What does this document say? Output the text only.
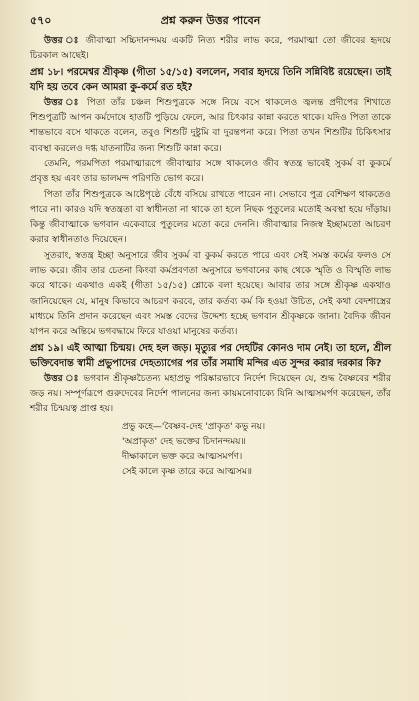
৫৭০	প্রশ্ন করুন উত্তর পাবেন

উত্তর ঃ জীবাত্মা সচ্চিদানন্দময় একটি নিত্য শরীর লাভ করে, পরমাত্মা তো জীবের হৃদয়ে চিরকাল আছেই।

প্রশ্ন ১৮। পরমেশ্বর শ্রীকৃষ্ণ (গীতা ১৫/১৫) বললেন, সবার হৃদয়ে তিনি সন্নিবিষ্ট রয়েছেন। তাই যদি হয় তবে কেন আমরা কু-কর্মে রত হই?

উত্তর ঃ পিতা তাঁর চঞ্চল শিশুপুত্রকে সঙ্গে নিয়ে বসে থাকলেও জ্বলন্ত প্রদীপের শিখাতে শিশুপুত্রটি আপন কর্মদোষে হাতটি পুড়িয়ে ফেলে, আর চিৎকার কান্না করতে থাকে। যদিও পিতা তাকে শান্তভাবে বসে থাকতে বলেন, তবুও শিশুটি দুষ্টুমি বা দুরন্তপনা করে। পিতা তখন শিশুটির চিকিৎসার ব্যবস্থা করলেও দগ্ধ যাতনাটির জন্য শিশুটি কান্না করে।

তেমনি, পরমপিতা পরমাত্মারূপে জীবাত্মার সঙ্গে থাকলেও জীব স্বতন্ত্র ভাবেই সুকর্ম বা কুকর্মে প্রবৃত্ত হয় এবং তার ভালমন্দ পরিণতি ভোগ করে।

পিতা তাঁর শিশুপুত্রকে আষ্টেপৃষ্ঠে বেঁধে বসিয়ে রাখতে পারেন না। সেভাবে পুত্র বেশিক্ষণ থাকতেও পারে না। কারও যদি স্বতন্ত্রতা বা স্বাধীনতা না থাকে তা হলে নিছক পুতুলের মতোই অবস্থা হয়ে দাঁড়ায়। কিন্তু জীবাত্মাকে ভগবান একেবারে পুতুলের মতো করে দেননি। জীবাত্মার নিজস্ব ইচ্ছামতো আচরণ করার স্বাধীনতাও দিয়েছেন।

সুতরাং, স্বতন্ত্র ইচ্ছা অনুসারে জীব সুকর্ম বা কুকর্ম করতে পারে এবং সেই সমস্ত কর্মের ফলও সে লাভ করে। জীব তার চেতনা কিংবা কর্মপ্রবণতা অনুসারে ভগবানের কাছ থেকে স্মৃতি ও বিস্মৃতি লাভ করে থাকে। একথাও একই (গীতা ১৫/১৫) শ্লোকে বলা হয়েছে। আবার তার সঙ্গে শ্রীকৃষ্ণ একথাও জানিয়েছেন যে, মানুষ কিভাবে আচরণ করবে, তার কর্তব্য কর্ম কি হওয়া উচিত, সেই কথা বেদশাস্ত্রের মাধ্যমে তিনি প্রদান করেছেন এবং সমস্ত বেদের উদ্দেশ্য হচ্ছে ভগবান শ্রীকৃষ্ণকে জানা। বৈদিক জীবন যাপন করে অন্তিমে ভগবদ্ধামে ফিরে যাওয়া মানুষের কর্তব্য।

প্রশ্ন ১৯। এই আত্মা চিন্ময়। দেহ হল জড়। মৃত্যুর পর দেহটির কোনও দাম নেই। তা হলে, শ্রীল ভক্তিবেদান্ত স্বামী প্রভুপাদের দেহত্যাগের পর তাঁর সমাধি মন্দির এত সুন্দর করার দরকার কি?

উত্তর ঃ ভগবান শ্রীকৃষ্ণচৈতন্য মহাপ্রভু পরিষ্কারভাবে নির্দেশ দিয়েছেন যে, শুদ্ধ বৈষ্ণবের শরীর জড় নয়। সম্পূর্ণরূপে গুরুদেবের নির্দেশ পালনের জন্য কায়মনোবাক্যে যিনি আত্মসমর্পণ করেছেন, তাঁর শরীর চিন্ময়ত্ব প্রাপ্ত হয়।

প্রভু কহে—'বৈষ্ণব-দেহ 'প্রাকৃত' কভু নয়।
'অপ্রাকৃত' দেহ ভক্তের চিদানন্দময়॥
দীক্ষাকালে ভক্ত করে আত্মসমর্পণ।
সেই কালে কৃষ্ণ তারে করে আত্মসম॥
